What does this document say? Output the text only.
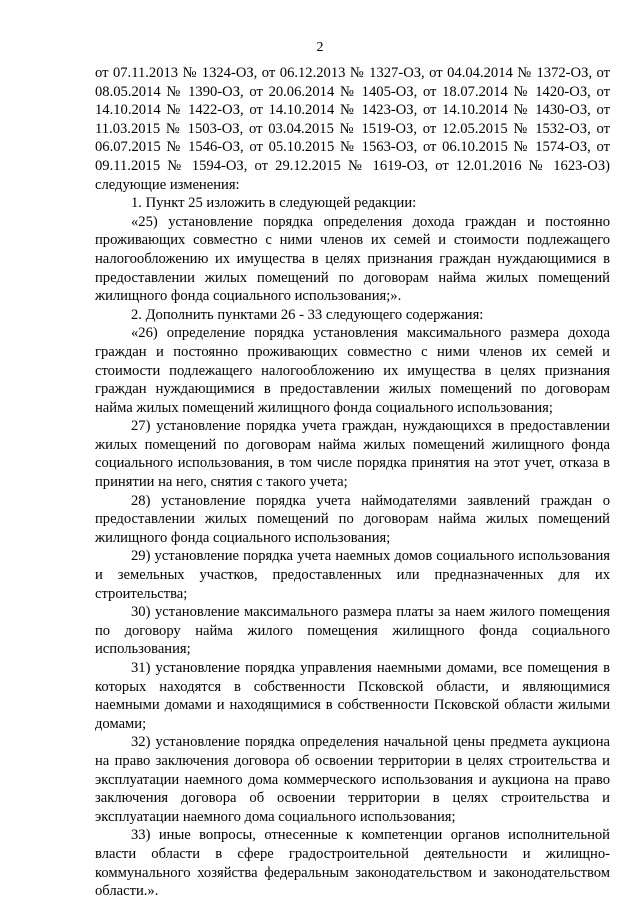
2

от 07.11.2013 № 1324-ОЗ, от 06.12.2013 № 1327-ОЗ, от 04.04.2014 № 1372-ОЗ, от 08.05.2014 № 1390-ОЗ, от 20.06.2014 № 1405-ОЗ, от 18.07.2014 № 1420-ОЗ, от 14.10.2014 № 1422-ОЗ, от 14.10.2014 № 1423-ОЗ, от 14.10.2014 № 1430-ОЗ, от 11.03.2015 № 1503-ОЗ, от 03.04.2015 № 1519-ОЗ, от 12.05.2015 № 1532-ОЗ, от 06.07.2015 № 1546-ОЗ, от 05.10.2015 № 1563-ОЗ, от 06.10.2015 № 1574-ОЗ, от 09.11.2015 № 1594-ОЗ, от 29.12.2015 № 1619-ОЗ, от 12.01.2016 № 1623-ОЗ) следующие изменения:

1. Пункт 25 изложить в следующей редакции:

«25) установление порядка определения дохода граждан и постоянно проживающих совместно с ними членов их семей и стоимости подлежащего налогообложению их имущества в целях признания граждан нуждающимися в предоставлении жилых помещений по договорам найма жилых помещений жилищного фонда социального использования;».

2. Дополнить пунктами 26 - 33 следующего содержания:

«26) определение порядка установления максимального размера дохода граждан и постоянно проживающих совместно с ними членов их семей и стоимости подлежащего налогообложению их имущества в целях признания граждан нуждающимися в предоставлении жилых помещений по договорам найма жилых помещений жилищного фонда социального использования;

27) установление порядка учета граждан, нуждающихся в предоставлении жилых помещений по договорам найма жилых помещений жилищного фонда социального использования, в том числе порядка принятия на этот учет, отказа в принятии на него, снятия с такого учета;

28) установление порядка учета наймодателями заявлений граждан о предоставлении жилых помещений по договорам найма жилых помещений жилищного фонда социального использования;

29) установление порядка учета наемных домов социального использования и земельных участков, предоставленных или предназначенных для их строительства;

30) установление максимального размера платы за наем жилого помещения по договору найма жилого помещения жилищного фонда социального использования;

31) установление порядка управления наемными домами, все помещения в которых находятся в собственности Псковской области, и являющимися наемными домами и находящимися в собственности Псковской области жилыми домами;

32) установление порядка определения начальной цены предмета аукциона на право заключения договора об освоении территории в целях строительства и эксплуатации наемного дома коммерческого использования и аукциона на право заключения договора об освоении территории в целях строительства и эксплуатации наемного дома социального использования;

33) иные вопросы, отнесенные к компетенции органов исполнительной власти области в сфере градостроительной деятельности и жилищно-коммунального хозяйства федеральным законодательством и законодательством области.».
